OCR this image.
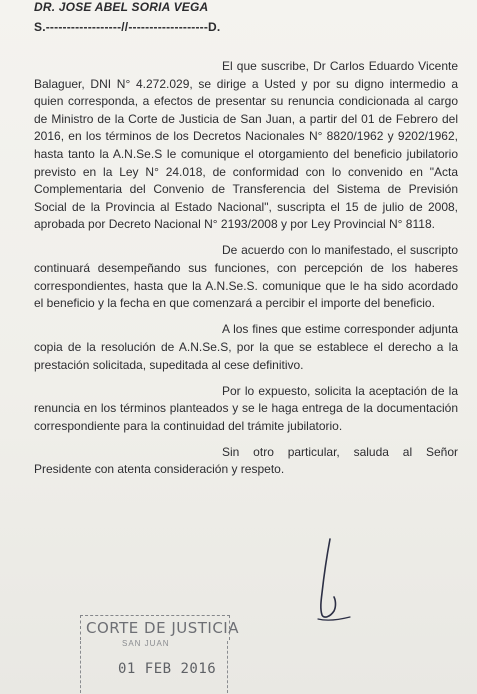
DR. JOSE ABEL SORIA VEGA
S.------------------//-------------------D.

El que suscribe, Dr Carlos Eduardo Vicente Balaguer, DNI N° 4.272.029, se dirige a Usted y por su digno intermedio a quien corresponda, a efectos de presentar su renuncia condicionada al cargo de Ministro de la Corte de Justicia de San Juan, a partir del 01 de Febrero del 2016, en los términos de los Decretos Nacionales N° 8820/1962 y 9202/1962, hasta tanto la A.N.Se.S le comunique el otorgamiento del beneficio jubilatorio previsto en la Ley N° 24.018, de conformidad con lo convenido en "Acta Complementaria del Convenio de Transferencia del Sistema de Previsión Social de la Provincia al Estado Nacional", suscripta el 15 de julio de 2008, aprobada por Decreto Nacional N° 2193/2008 y por Ley Provincial N° 8118.

De acuerdo con lo manifestado, el suscripto continuará desempeñando sus funciones, con percepción de los haberes correspondientes, hasta que la A.N.Se.S. comunique que le ha sido acordado el beneficio y la fecha en que comenzará a percibir el importe del beneficio.

A los fines que estime corresponder adjunta copia de la resolución de A.N.Se.S, por la que se establece el derecho a la prestación solicitada, supeditada al cese definitivo.

Por lo expuesto, solicita la aceptación de la renuncia en los términos planteados y se le haga entrega de la documentación correspondiente para la continuidad del trámite jubilatorio.

Sin otro particular, saluda al Señor Presidente con atenta consideración y respeto.

CORTE DE JUSTICIA
SAN JUAN
01 FEB 2016
